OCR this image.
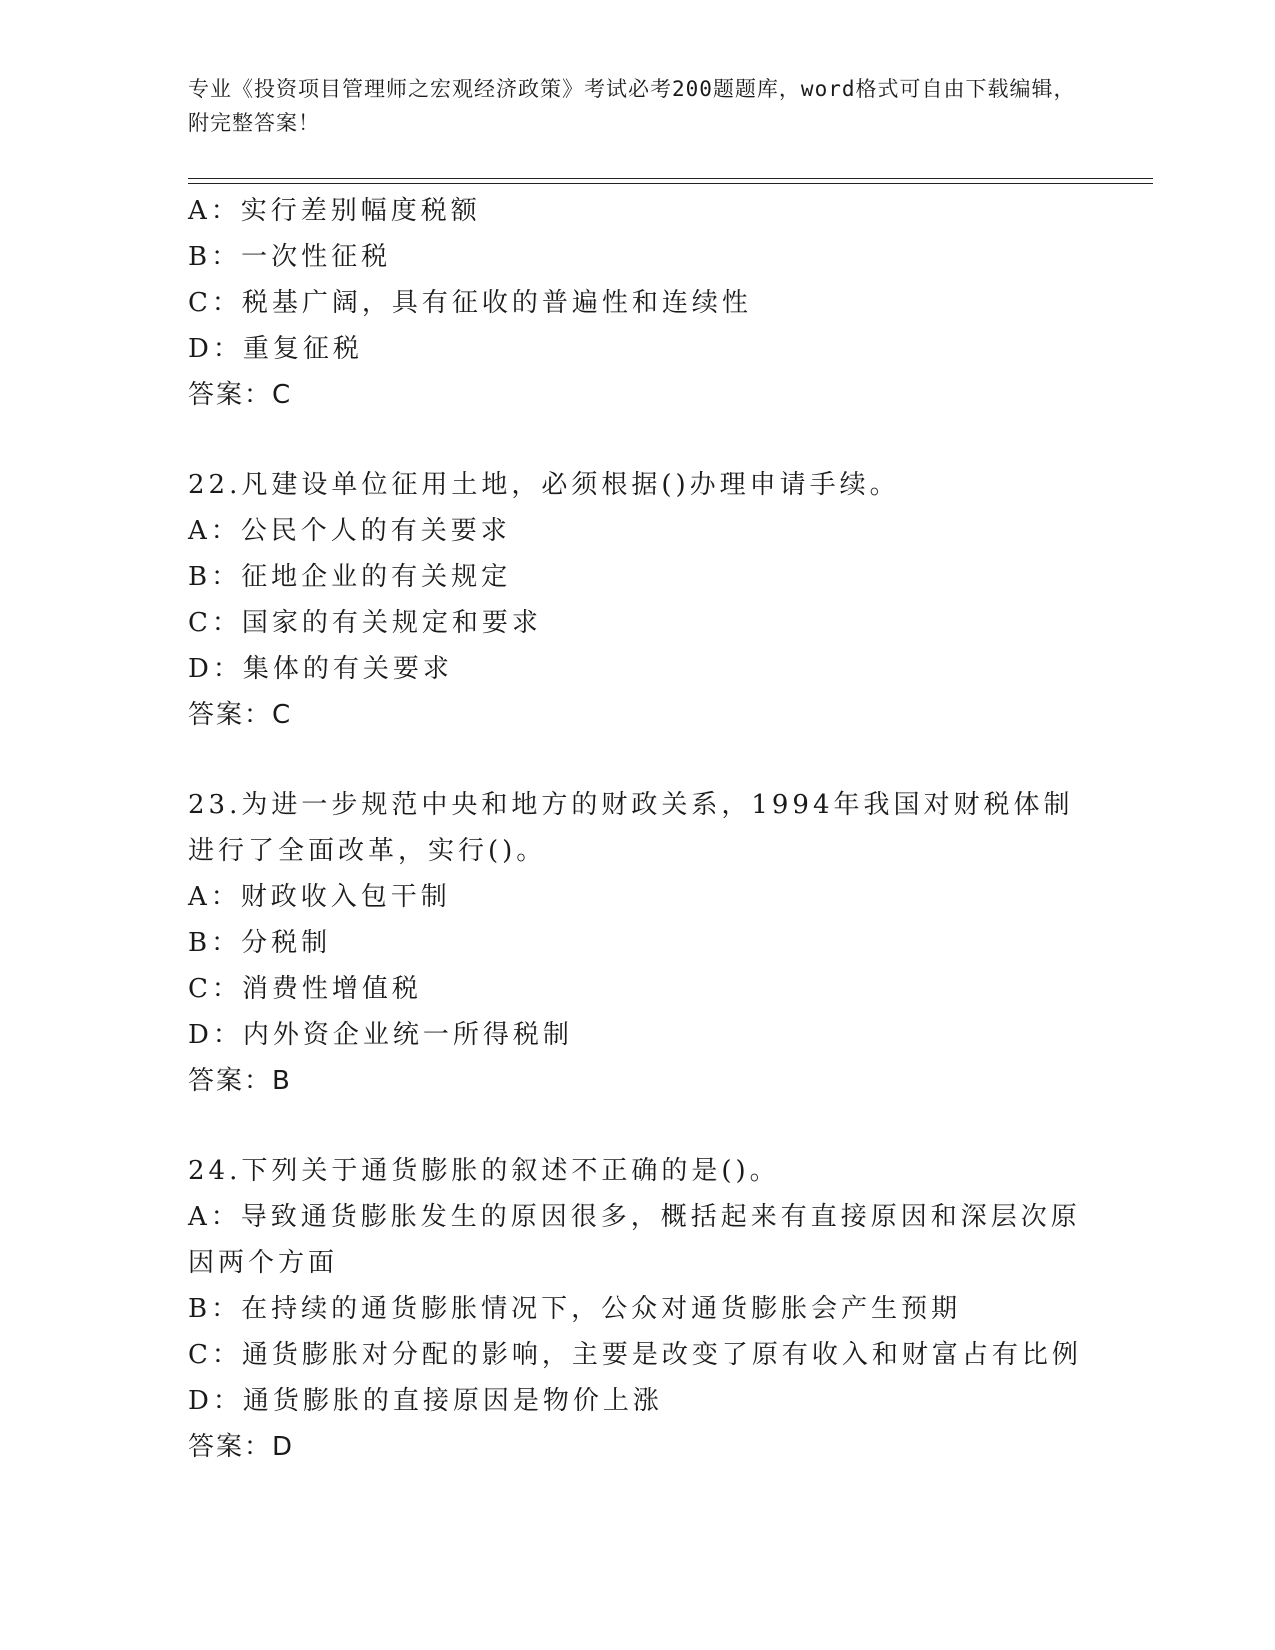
专业《投资项目管理师之宏观经济政策》考试必考200题题库，word格式可自由下载编辑，附完整答案！
A：实行差别幅度税额
B：一次性征税
C：税基广阔，具有征收的普遍性和连续性
D：重复征税
答案：C
22.凡建设单位征用土地，必须根据()办理申请手续。
A：公民个人的有关要求
B：征地企业的有关规定
C：国家的有关规定和要求
D：集体的有关要求
答案：C
23.为进一步规范中央和地方的财政关系，1994年我国对财税体制进行了全面改革，实行()。
A：财政收入包干制
B：分税制
C：消费性增值税
D：内外资企业统一所得税制
答案：B
24.下列关于通货膨胀的叙述不正确的是()。
A：导致通货膨胀发生的原因很多，概括起来有直接原因和深层次原因两个方面
B：在持续的通货膨胀情况下，公众对通货膨胀会产生预期
C：通货膨胀对分配的影响，主要是改变了原有收入和财富占有比例
D：通货膨胀的直接原因是物价上涨
答案：D
